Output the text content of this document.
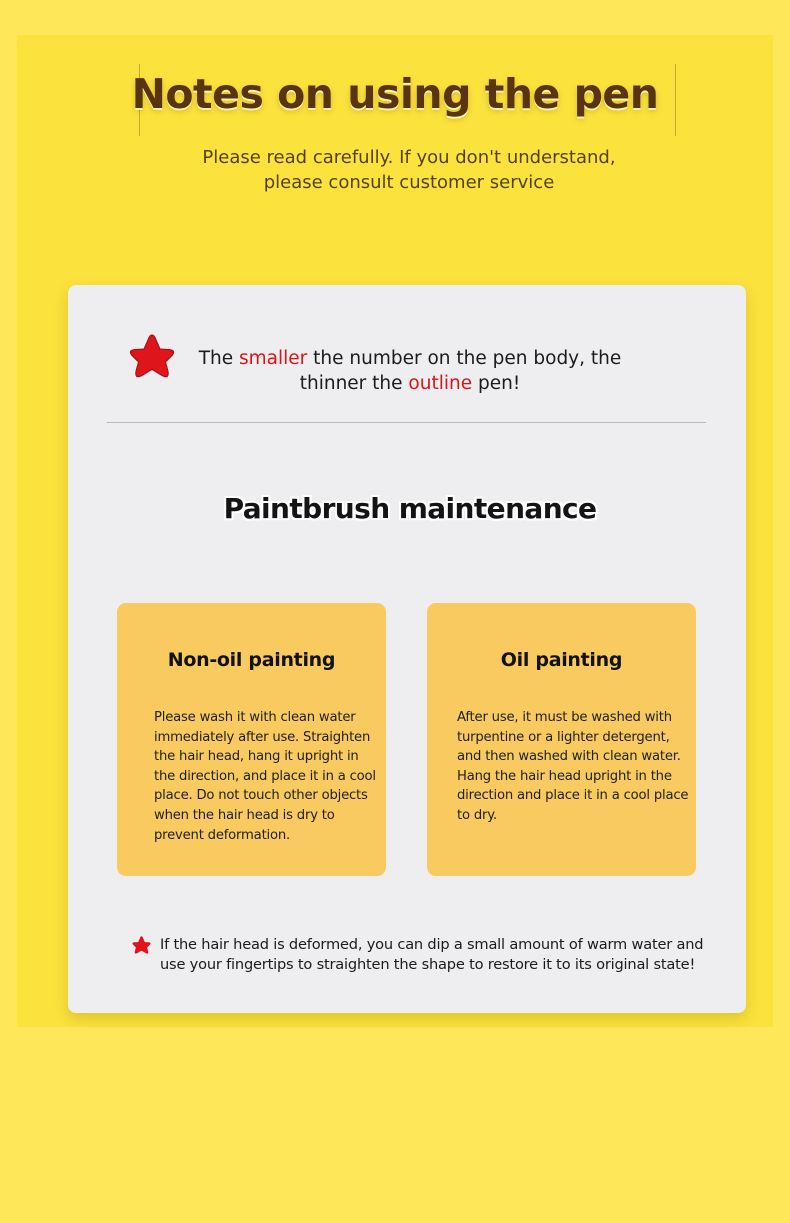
Notes on using the pen

Please read carefully. If you don't understand, please consult customer service

The smaller the number on the pen body, the thinner the outline pen!

Paintbrush maintenance
Non-oil painting

Please wash it with clean water immediately after use. Straighten the hair head, hang it upright in the direction, and place it in a cool place. Do not touch other objects when the hair head is dry to prevent deformation.

Oil painting

After use, it must be washed with turpentine or a lighter detergent, and then washed with clean water. Hang the hair head upright in the direction and place it in a cool place to dry.

If the hair head is deformed, you can dip a small amount of warm water and use your fingertips to straighten the shape to restore it to its original state!
